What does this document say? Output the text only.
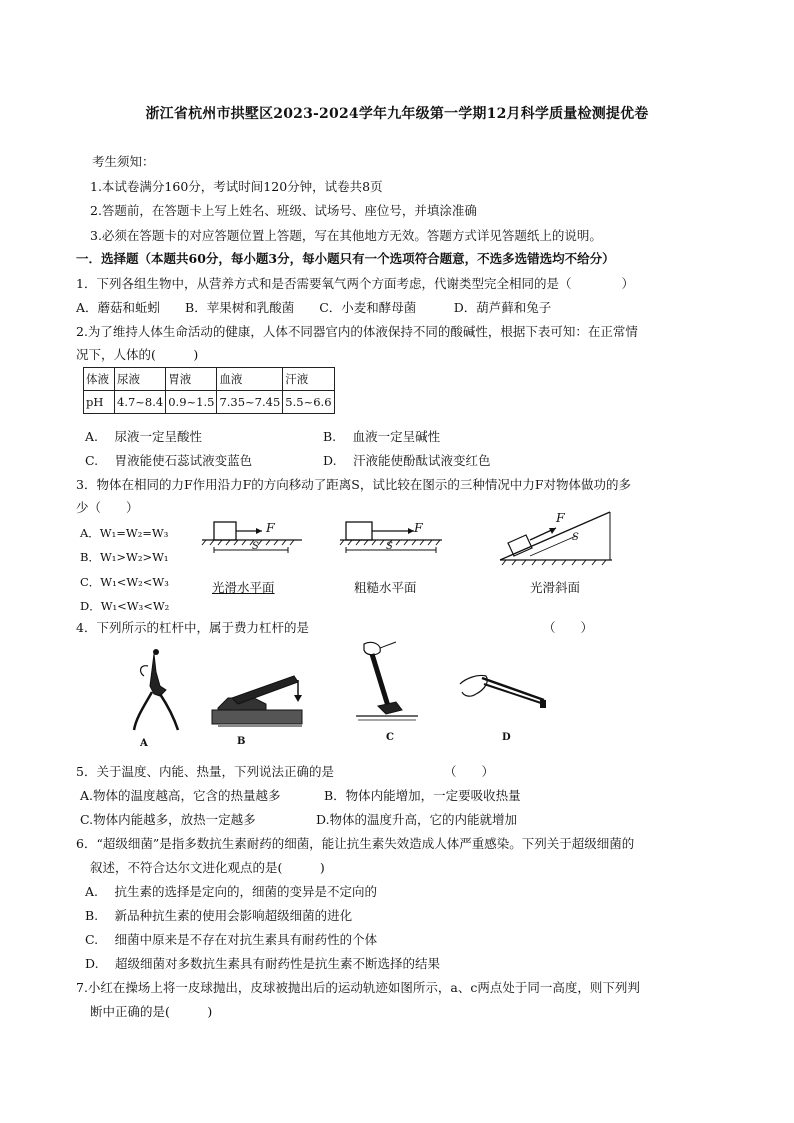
浙江省杭州市拱墅区2023-2024学年九年级第一学期12月科学质量检测提优卷
考生须知：
1.本试卷满分160分，考试时间120分钟，试卷共8页
2.答题前，在答题卡上写上姓名、班级、试场号、座位号，并填涂准确
3.必须在答题卡的对应答题位置上答题，写在其他地方无效。答题方式详见答题纸上的说明。
一．选择题（本题共60分，每小题3分，每小题只有一个选项符合题意，不选多选错选均不给分）
1．下列各组生物中，从营养方式和是否需要氧气两个方面考虑，代谢类型完全相同的是（　　　　）
A．蘑菇和蚯蚓　　B．苹果树和乳酸菌　　C．小麦和酵母菌　　　D．葫芦藓和兔子
2.为了维持人体生命活动的健康，人体不同器官内的体液保持不同的酸碱性，根据下表可知：在正常情
况下，人体的(　　　)
体液	尿液	胃液	血液	汗液
pH	4.7~8.4	0.9~1.5	7.35~7.45	5.5~6.6
A.　 尿液一定呈酸性	B.　 血液一定呈碱性
C.　 胃液能使石蕊试液变蓝色	D.　 汗液能使酚酞试液变红色
3．物体在相同的力F作用沿力F的方向移动了距离S，试比较在图示的三种情况中力F对物体做功的多
少（　　）
A．W₁=W₂=W₃
B．W₁>W₂>W₁
C．W₁<W₂<W₃
D．W₁<W₃<W₂
F
S
光滑水平面
F
S
粗糙水平面
F
S
光滑斜面
4．下列所示的杠杆中，属于费力杠杆的是	（　　）
A	B	C	D
5．关于温度、内能、热量，下列说法正确的是	（　　）
A.物体的温度越高，它含的热量越多	B．物体内能增加，一定要吸收热量
C.物体内能越多，放热一定越多	D.物体的温度升高，它的内能就增加
6．“超级细菌”是指多数抗生素耐药的细菌，能让抗生素失效造成人体严重感染。下列关于超级细菌的
叙述，不符合达尔文进化观点的是(　　　)
A.　 抗生素的选择是定向的，细菌的变异是不定向的
B.　 新品种抗生素的使用会影响超级细菌的进化
C.　 细菌中原来是不存在对抗生素具有耐药性的个体
D.　 超级细菌对多数抗生素具有耐药性是抗生素不断选择的结果
7.小红在操场上将一皮球抛出，皮球被抛出后的运动轨迹如图所示，a、c两点处于同一高度，则下列判
断中正确的是(　　　)
